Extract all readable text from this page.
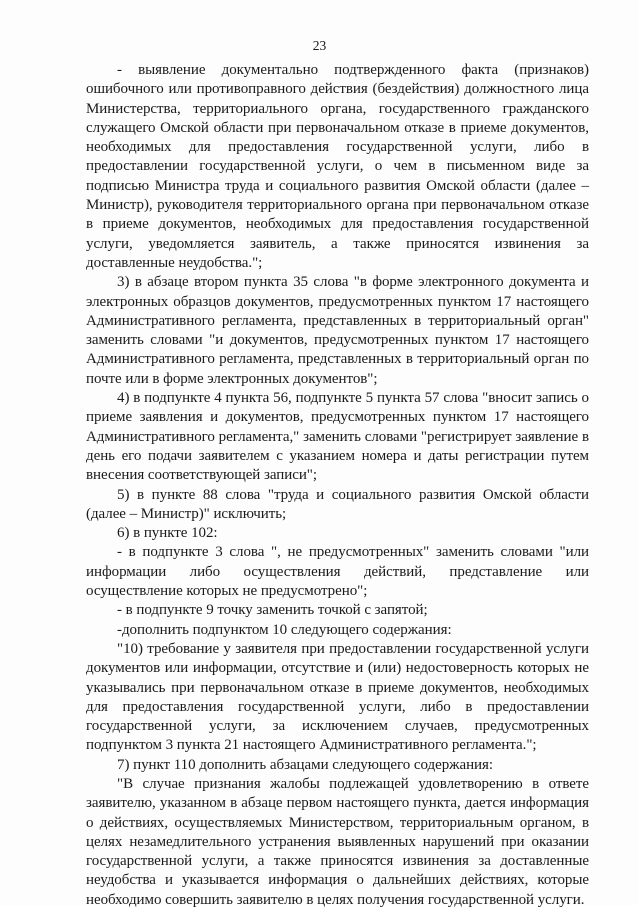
23

- выявление документально подтвержденного факта (признаков) ошибочного или противоправного действия (бездействия) должностного лица Министерства, территориального органа, государственного гражданского служащего Омской области при первоначальном отказе в приеме документов, необходимых для предоставления государственной услуги, либо в предоставлении государственной услуги, о чем в письменном виде за подписью Министра труда и социального развития Омской области (далее – Министр), руководителя территориального органа при первоначальном отказе в приеме документов, необходимых для предоставления государственной услуги, уведомляется заявитель, а также приносятся извинения за доставленные неудобства.";

3) в абзаце втором пункта 35 слова "в форме электронного документа и электронных образцов документов, предусмотренных пунктом 17 настоящего Административного регламента, представленных в территориальный орган" заменить словами "и документов, предусмотренных пунктом 17 настоящего Административного регламента, представленных в территориальный орган по почте или в форме электронных документов";

4) в подпункте 4 пункта 56, подпункте 5 пункта 57 слова "вносит запись о приеме заявления и документов, предусмотренных пунктом 17 настоящего Административного регламента," заменить словами "регистрирует заявление в день его подачи заявителем с указанием номера и даты регистрации путем внесения соответствующей записи";

5) в пункте 88 слова "труда и социального развития Омской области (далее – Министр)" исключить;

6) в пункте 102:

- в подпункте 3 слова ", не предусмотренных" заменить словами "или информации либо осуществления действий, представление или осуществление которых не предусмотрено";

- в подпункте 9 точку заменить точкой с запятой;

-дополнить подпунктом 10 следующего содержания:

"10) требование у заявителя при предоставлении государственной услуги документов или информации, отсутствие и (или) недостоверность которых не указывались при первоначальном отказе в приеме документов, необходимых для предоставления государственной услуги, либо в предоставлении государственной услуги, за исключением случаев, предусмотренных подпунктом 3 пункта 21 настоящего Административного регламента.";

7) пункт 110 дополнить абзацами следующего содержания:

"В случае признания жалобы подлежащей удовлетворению в ответе заявителю, указанном в абзаце первом настоящего пункта, дается информация о действиях, осуществляемых Министерством, территориальным органом, в целях незамедлительного устранения выявленных нарушений при оказании государственной услуги, а также приносятся извинения за доставленные неудобства и указывается информация о дальнейших действиях, которые необходимо совершить заявителю в целях получения государственной услуги.
